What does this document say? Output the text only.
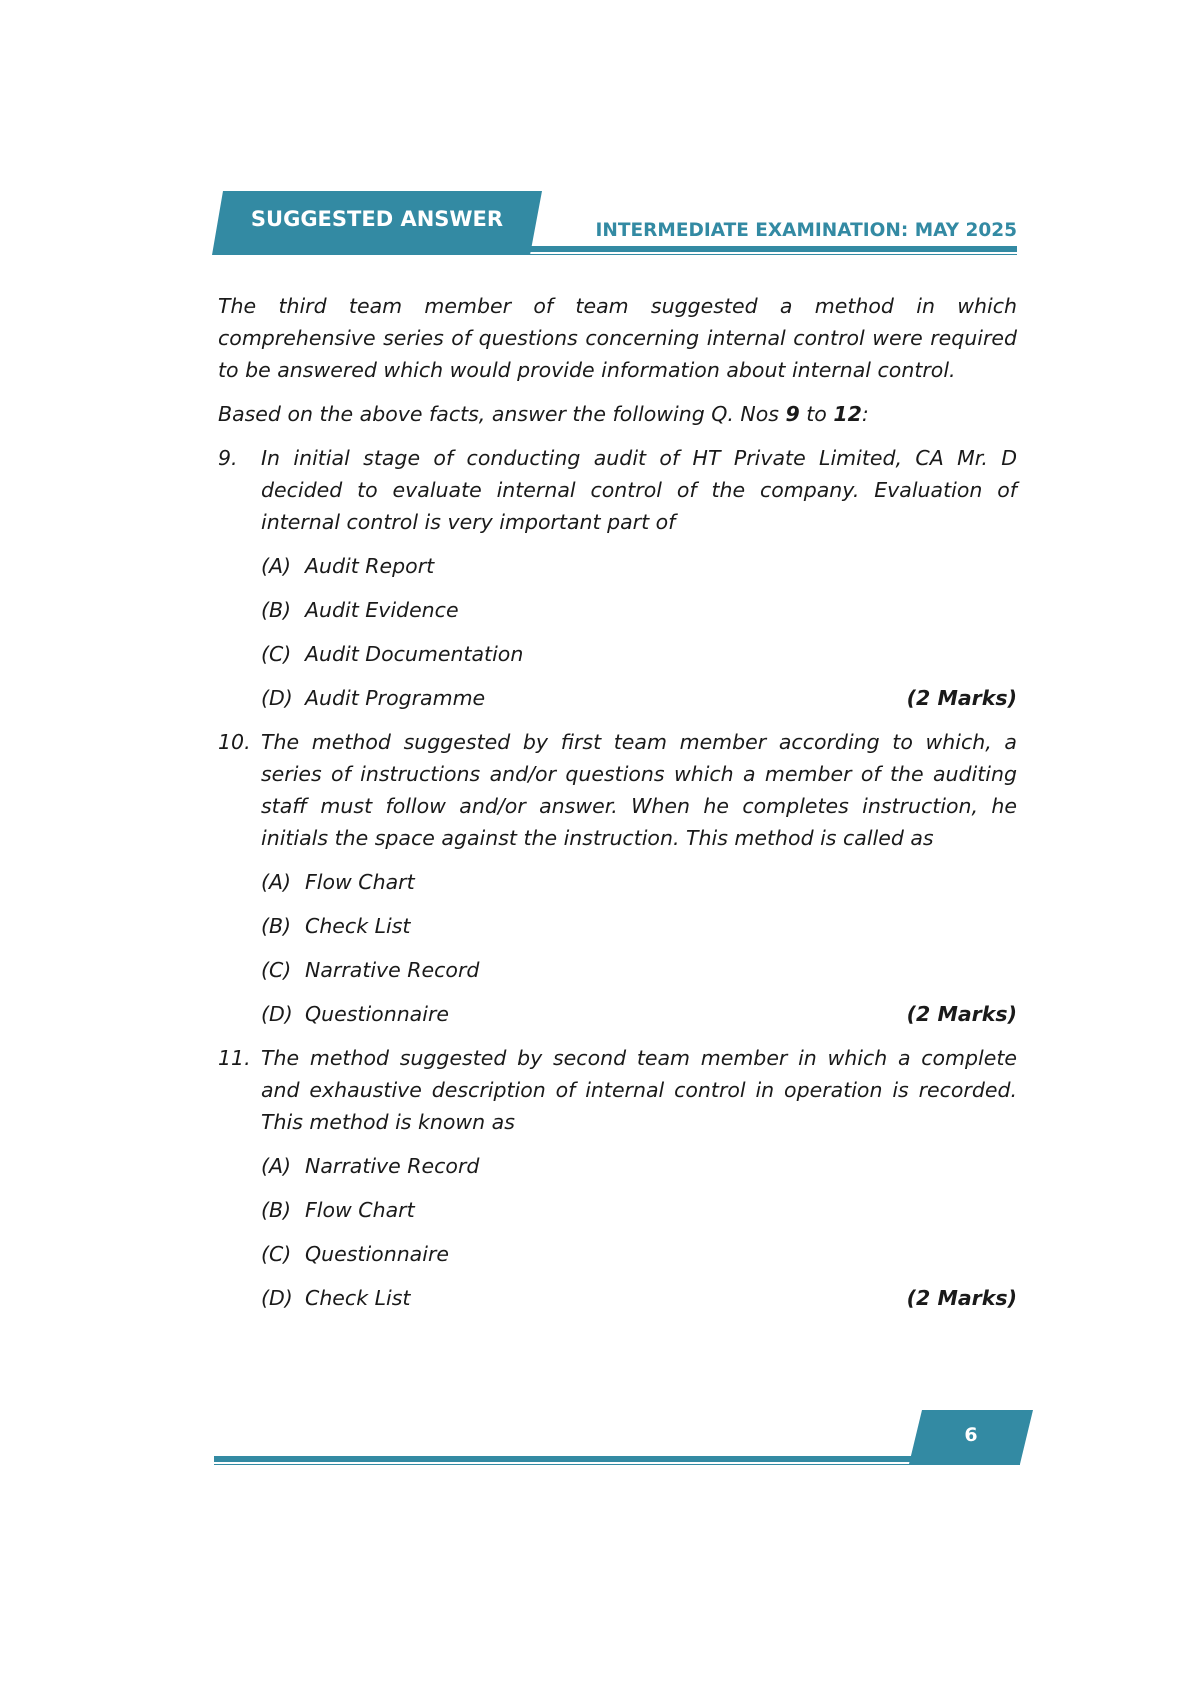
SUGGESTED ANSWER	INTERMEDIATE EXAMINATION: MAY 2025

The third team member of team suggested a method in which comprehensive series of questions concerning internal control were required to be answered which would provide information about internal control.

Based on the above facts, answer the following Q. Nos 9 to 12:

9.	In initial stage of conducting audit of HT Private Limited, CA Mr. D decided to evaluate internal control of the company. Evaluation of internal control is very important part of
(A) Audit Report
(B) Audit Evidence
(C) Audit Documentation
(D) Audit Programme	(2 Marks)
10. The method suggested by first team member according to which, a series of instructions and/or questions which a member of the auditing staff must follow and/or answer. When he completes instruction, he initials the space against the instruction. This method is called as
(A) Flow Chart
(B) Check List
(C) Narrative Record
(D) Questionnaire	(2 Marks)
11. The method suggested by second team member in which a complete and exhaustive description of internal control in operation is recorded. This method is known as
(A) Narrative Record
(B) Flow Chart
(C) Questionnaire
(D) Check List	(2 Marks)
6
